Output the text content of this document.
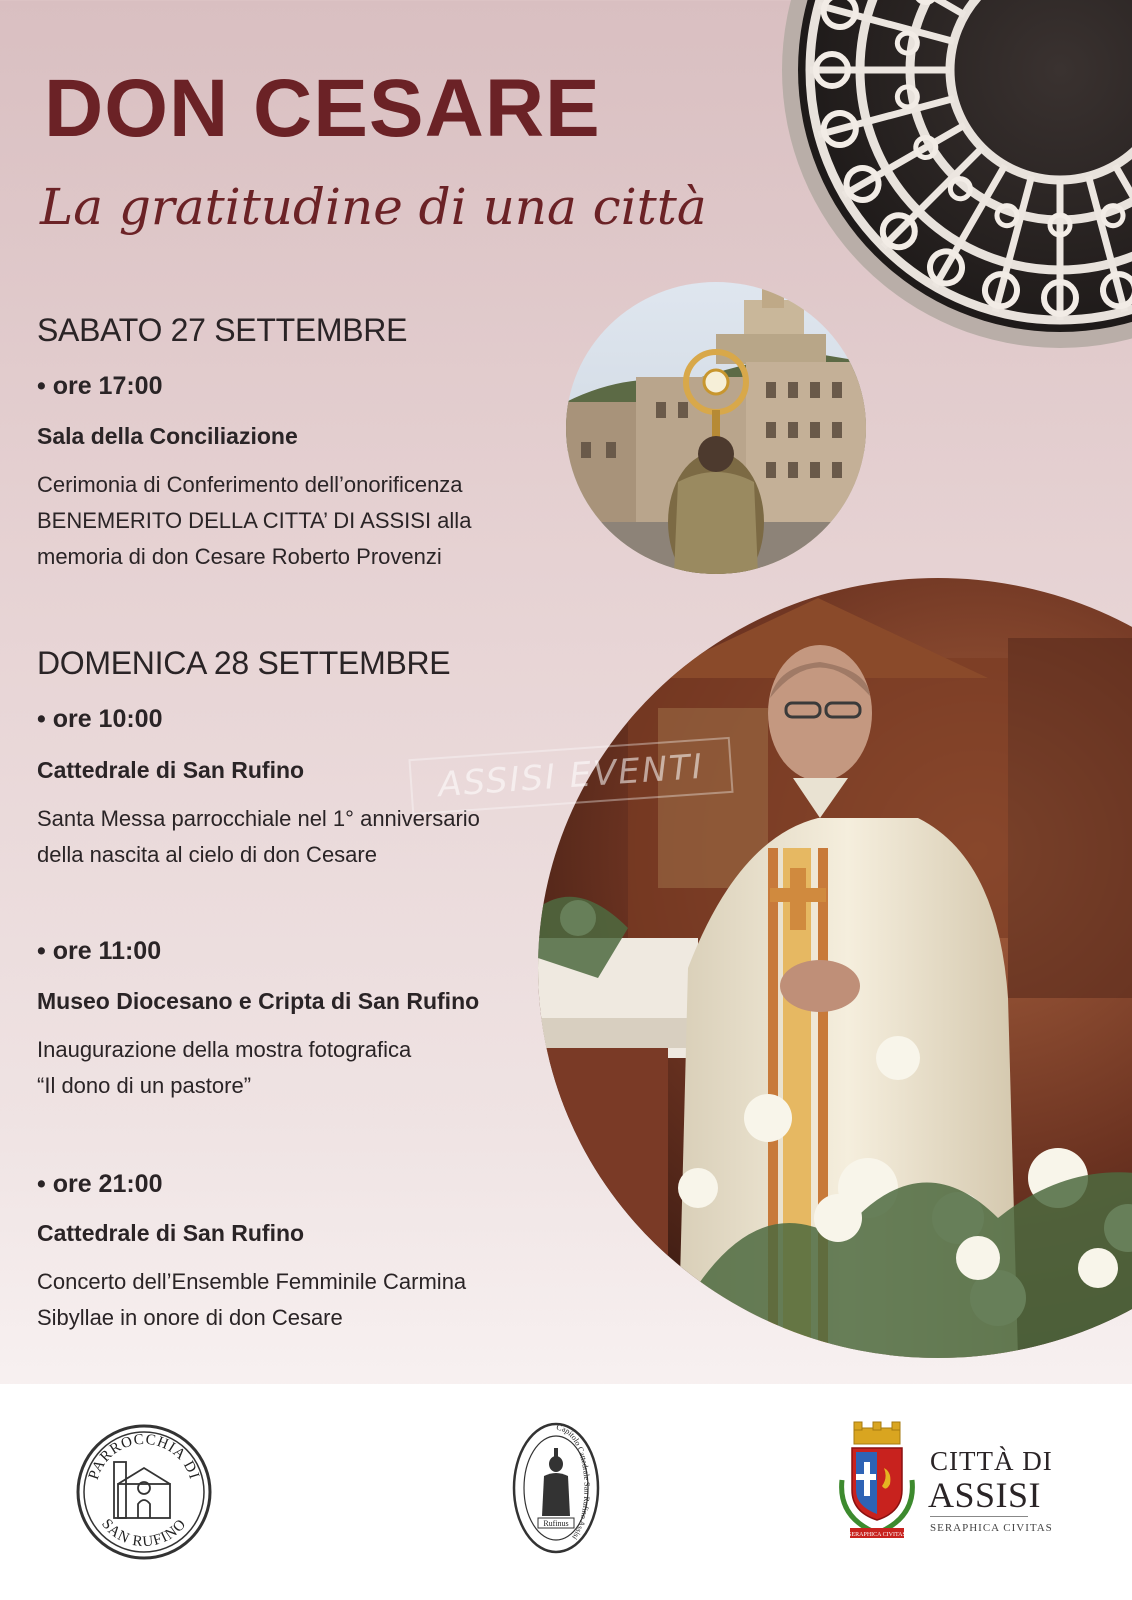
DON CESARE
La gratitudine di una città
SABATO 27 SETTEMBRE
• ore 17:00
Sala della Conciliazione
Cerimonia di Conferimento dell’onorificenza
BENEMERITO DELLA CITTA’ DI ASSISI alla
memoria di don Cesare Roberto Provenzi
DOMENICA 28 SETTEMBRE
• ore 10:00
Cattedrale di San Rufino
Santa Messa parrocchiale nel 1° anniversario
della nascita al cielo di don Cesare
• ore 11:00
Museo Diocesano e Cripta di San Rufino
Inaugurazione della mostra fotografica
“Il dono di un pastore”
• ore 21:00
Cattedrale di San Rufino
Concerto dell’Ensemble Femminile Carmina
Sibyllae in onore di don Cesare
ASSISI EVENTI
PARROCCHIA DI
SAN RUFINO
Capitolo Cattedrale San Rufino Assisi
Rufinus
SERAPHICA CIVITAS
CITTÀ DI
ASSISI
SERAPHICA CIVITAS
